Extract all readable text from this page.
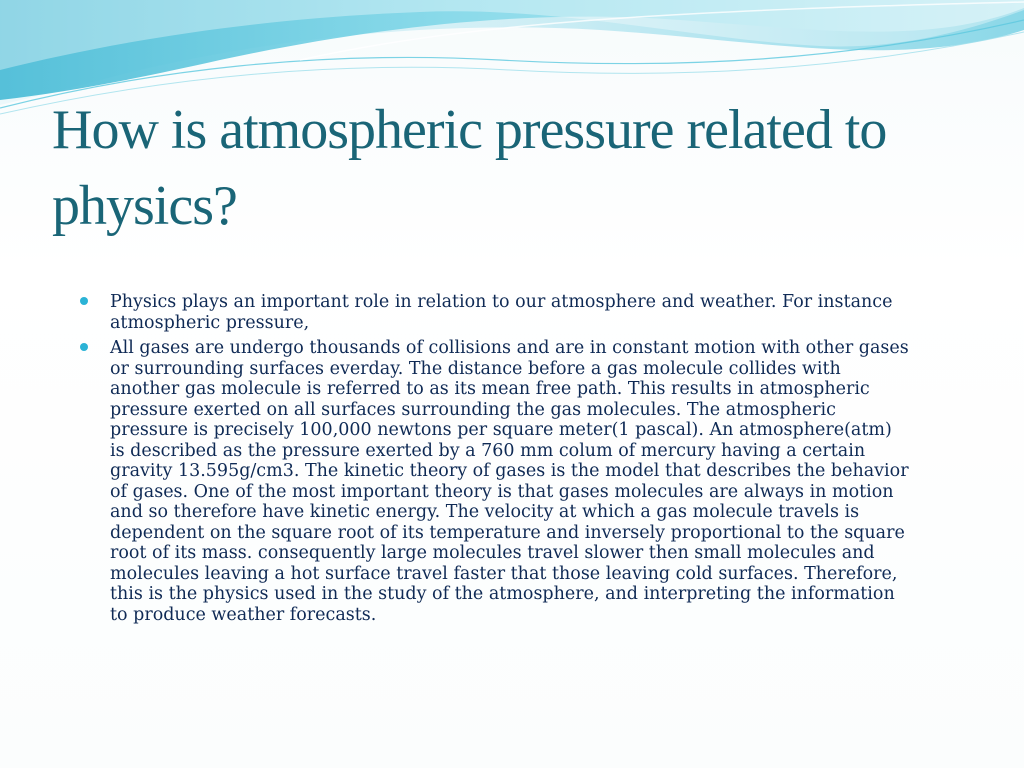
How is atmospheric pressure related to physics?
Physics plays an important role in relation to our atmosphere and weather. For instance atmospheric pressure,
All gases are undergo thousands of collisions and are in constant motion with other gases or surrounding surfaces everday. The distance before a gas molecule collides with another gas molecule is referred to as its mean free path. This results in atmospheric pressure exerted on all surfaces surrounding the gas molecules. The atmospheric pressure is precisely 100,000 newtons per square meter(1 pascal). An atmosphere(atm) is described as the pressure exerted by a 760 mm colum of mercury having a certain gravity 13.595g/cm3. The kinetic theory of gases is the model that describes the behavior of gases. One of the most important theory is that gases molecules are always in motion and so therefore have kinetic energy. The velocity at which a gas molecule travels is dependent on the square root of its temperature and inversely proportional to the square root of its mass. consequently large molecules travel slower then small molecules and molecules leaving a hot surface travel faster that those leaving cold surfaces. Therefore, this is the physics used in the study of the atmosphere, and interpreting the information to produce weather forecasts.
